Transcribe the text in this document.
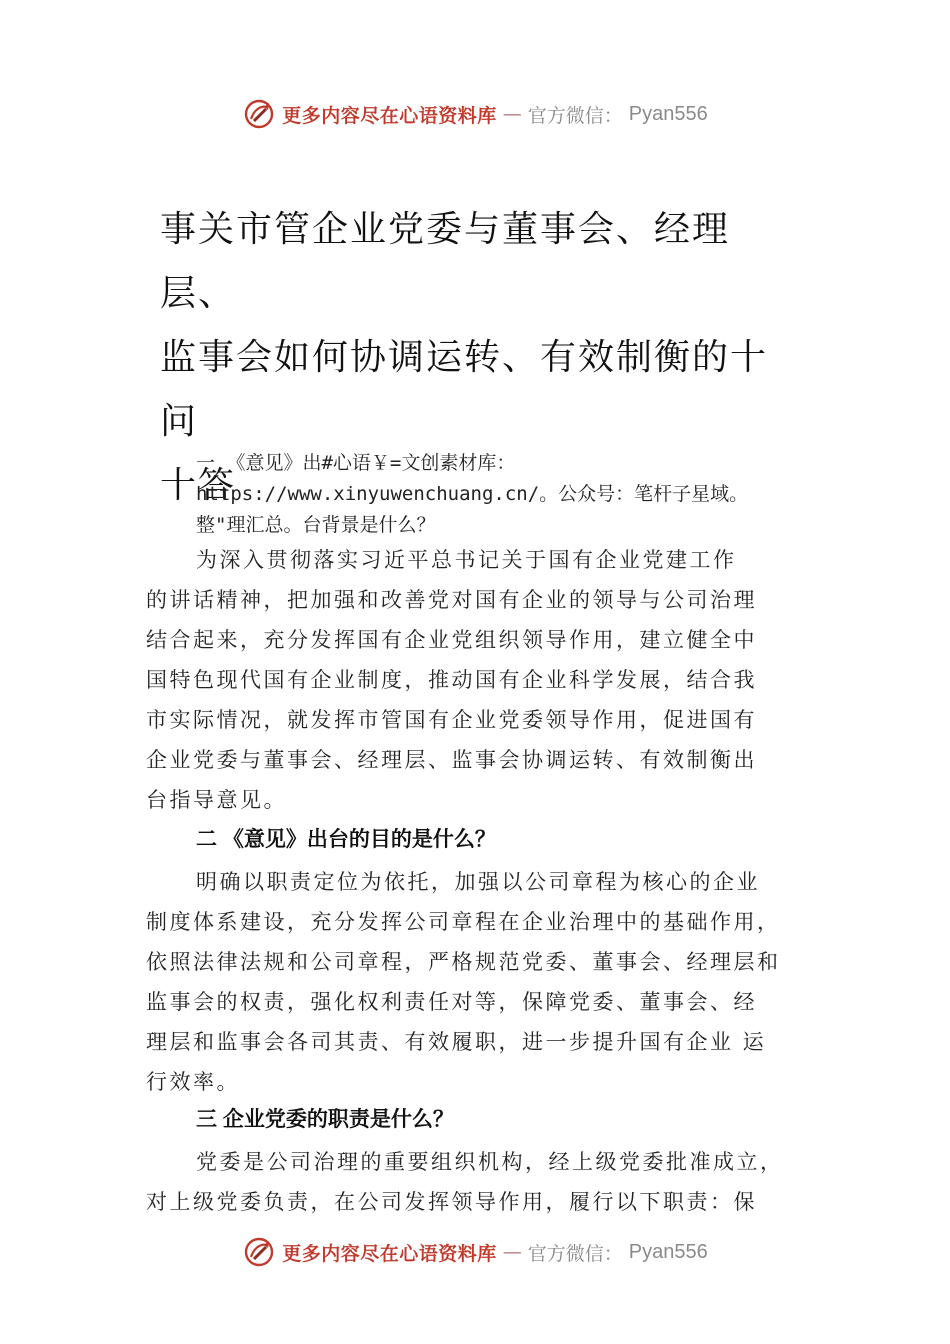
更多内容尽在心语资料库 — 官方微信： Pyan556
事关市管企业党委与董事会、经理层、
监事会如何协调运转、有效制衡的十问
十答
一 《意见》出#心语￥=文创素材库：
https://www.xinyuwenchuang.cn/。公众号：笔杆子星域。
整"理汇总。台背景是什么？
为深入贯彻落实习近平总书记关于国有企业党建工作
的讲话精神，把加强和改善党对国有企业的领导与公司治理
结合起来，充分发挥国有企业党组织领导作用，建立健全中
国特色现代国有企业制度，推动国有企业科学发展，结合我
市实际情况，就发挥市管国有企业党委领导作用，促进国有
企业党委与董事会、经理层、监事会协调运转、有效制衡出
台指导意见。
二 《意见》出台的目的是什么？
明确以职责定位为依托，加强以公司章程为核心的企业
制度体系建设，充分发挥公司章程在企业治理中的基础作用，
依照法律法规和公司章程，严格规范党委、董事会、经理层和
监事会的权责，强化权利责任对等，保障党委、董事会、经
理层和监事会各司其责、有效履职，进一步提升国有企业 运
行效率。
三 企业党委的职责是什么？
党委是公司治理的重要组织机构，经上级党委批准成立，
对上级党委负责，在公司发挥领导作用，履行以下职责：保
更多内容尽在心语资料库 — 官方微信： Pyan556
